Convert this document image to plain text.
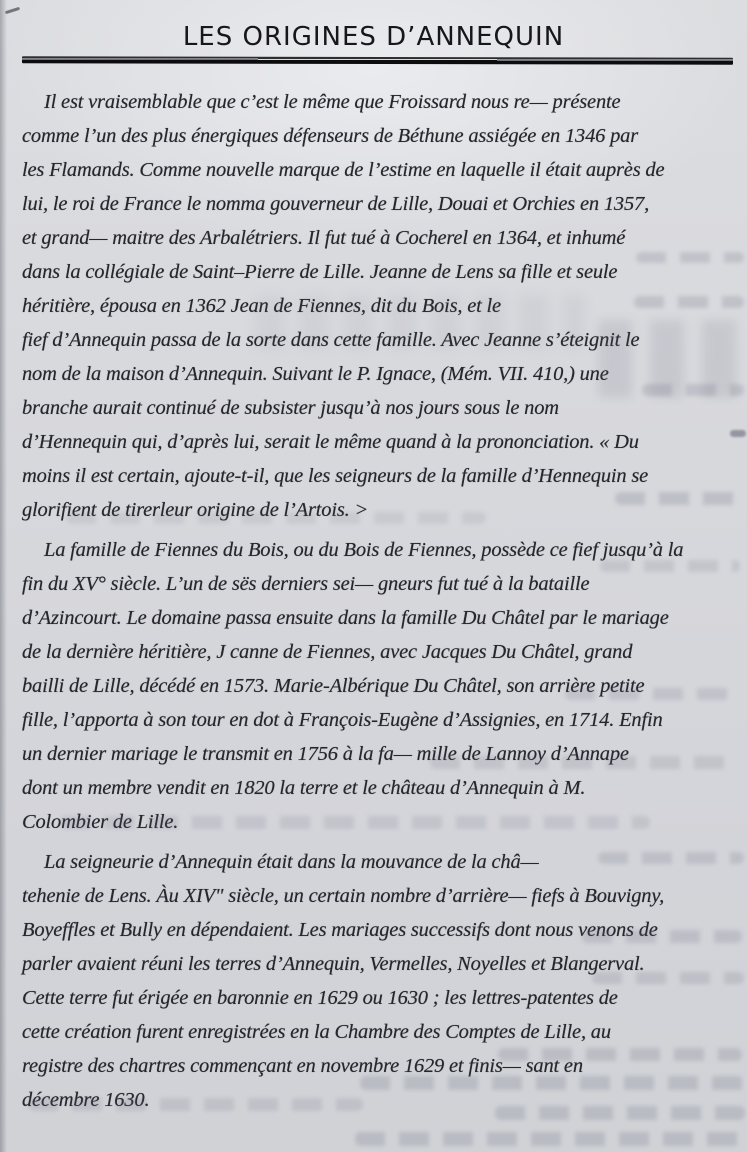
LES ORIGINES D’ANNEQUIN
Il est vraisemblable que c’est le même que Froissard nous re— présente
comme l’un des plus énergiques défenseurs de Béthune assiégée en 1346 par
les Flamands. Comme nouvelle marque de l’estime en laquelle il était auprès de
lui, le roi de France le nomma gouverneur de Lille, Douai et Orchies en 1357,
et grand— maitre des Arbalétriers. Il fut tué à Cocherel en 1364, et inhumé
dans la collégiale de Saint–Pierre de Lille. Jeanne de Lens sa fille et seule
héritière, épousa en 1362 Jean de Fiennes, dit du Bois, et le
fief d’Annequin passa de la sorte dans cette famille. Avec Jeanne s’éteignit le
nom de la maison d’Annequin. Suivant le P. Ignace, (Mém. VII. 410,) une
branche aurait continué de subsister jusqu’à nos jours sous le nom
d’Hennequin qui, d’après lui, serait le même quand à la prononciation. « Du
moins il est certain, ajoute-t-il, que les seigneurs de la famille d’Hennequin se
glorifient de tirerleur origine de l’Artois. >
La famille de Fiennes du Bois, ou du Bois de Fiennes, possède ce fief jusqu’à la
fin du XV° siècle. L’un de sës derniers sei— gneurs fut tué à la bataille
d’Azincourt. Le domaine passa ensuite dans la famille Du Châtel par le mariage
de la dernière héritière, J canne de Fiennes, avec Jacques Du Châtel, grand
bailli de Lille, décédé en 1573. Marie-Albérique Du Châtel, son arrière petite
fille, l’apporta à son tour en dot à François-Eugène d’Assignies, en 1714. Enfin
un dernier mariage le transmit en 1756 à la fa— mille de Lannoy d’Annape
dont un membre vendit en 1820 la terre et le château d’Annequin à M.
Colombier de Lille.
La seigneurie d’Annequin était dans la mouvance de la châ—
tehenie de Lens. Àu XIV" siècle, un certain nombre d’arrière— fiefs à Bouvigny,
Boyeffles et Bully en dépendaient. Les mariages successifs dont nous venons de
parler avaient réuni les terres d’Annequin, Vermelles, Noyelles et Blangerval.
Cette terre fut érigée en baronnie en 1629 ou 1630 ; les lettres-patentes de
cette création furent enregistrées en la Chambre des Comptes de Lille, au
registre des chartres commençant en novembre 1629 et finis— sant en
décembre 1630.
